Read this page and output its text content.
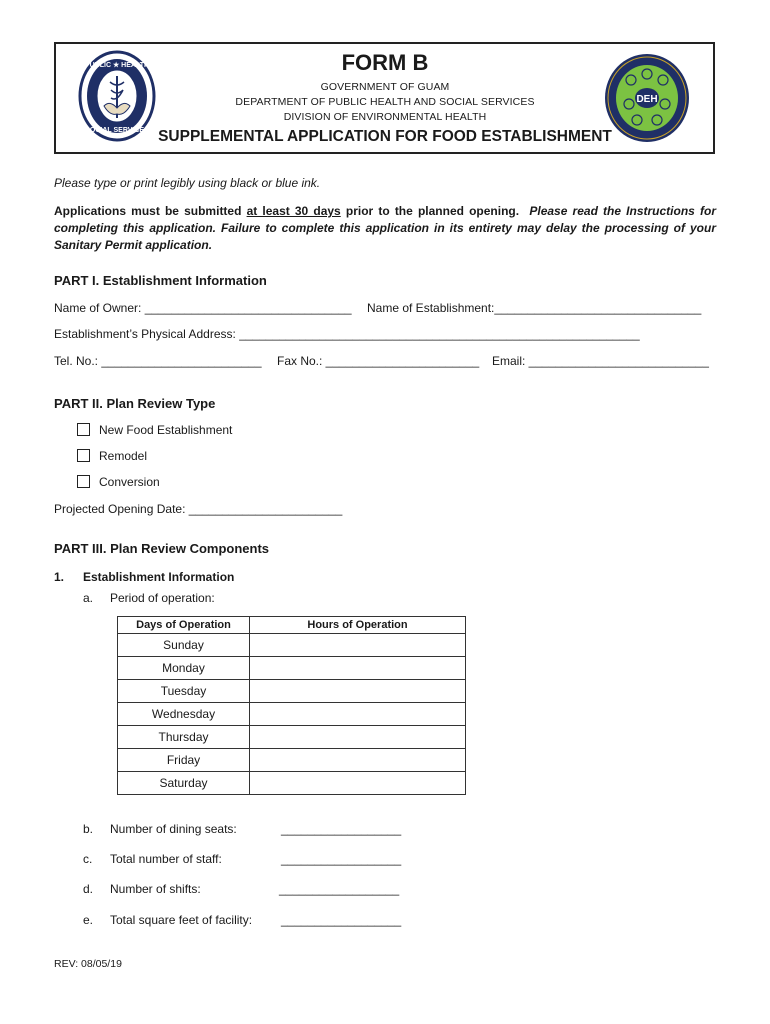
PUBLIC ★ HEALTH
SOCIAL SERVICES
DEH
FORM B
GOVERNMENT OF GUAM
DEPARTMENT OF PUBLIC HEALTH AND SOCIAL SERVICES
DIVISION OF ENVIRONMENTAL HEALTH
SUPPLEMENTAL APPLICATION FOR FOOD ESTABLISHMENT
Please type or print legibly using black or blue ink.
Applications must be submitted at least 30 days prior to the planned opening. Please read the Instructions for completing this application. Failure to complete this application in its entirety may delay the processing of your Sanitary Permit application.
PART I. Establishment Information
Name of Owner: _______________________________ Name of Establishment:_______________________________
Establishment’s Physical Address: ____________________________________________________________
Tel. No.: ________________________ Fax No.: _______________________ Email: ___________________________
PART II. Plan Review Type
New Food Establishment
Remodel
Conversion
Projected Opening Date: _______________________
PART III. Plan Review Components
1. Establishment Information
a. Period of operation:
Days of Operation	Hours of Operation
Sunday	
Monday	
Tuesday	
Wednesday	
Thursday	
Friday	
Saturday	
b. Number of dining seats:	__________________
c. Total number of staff:	__________________
d. Number of shifts:	__________________
e. Total square feet of facility: __________________
REV: 08/05/19
